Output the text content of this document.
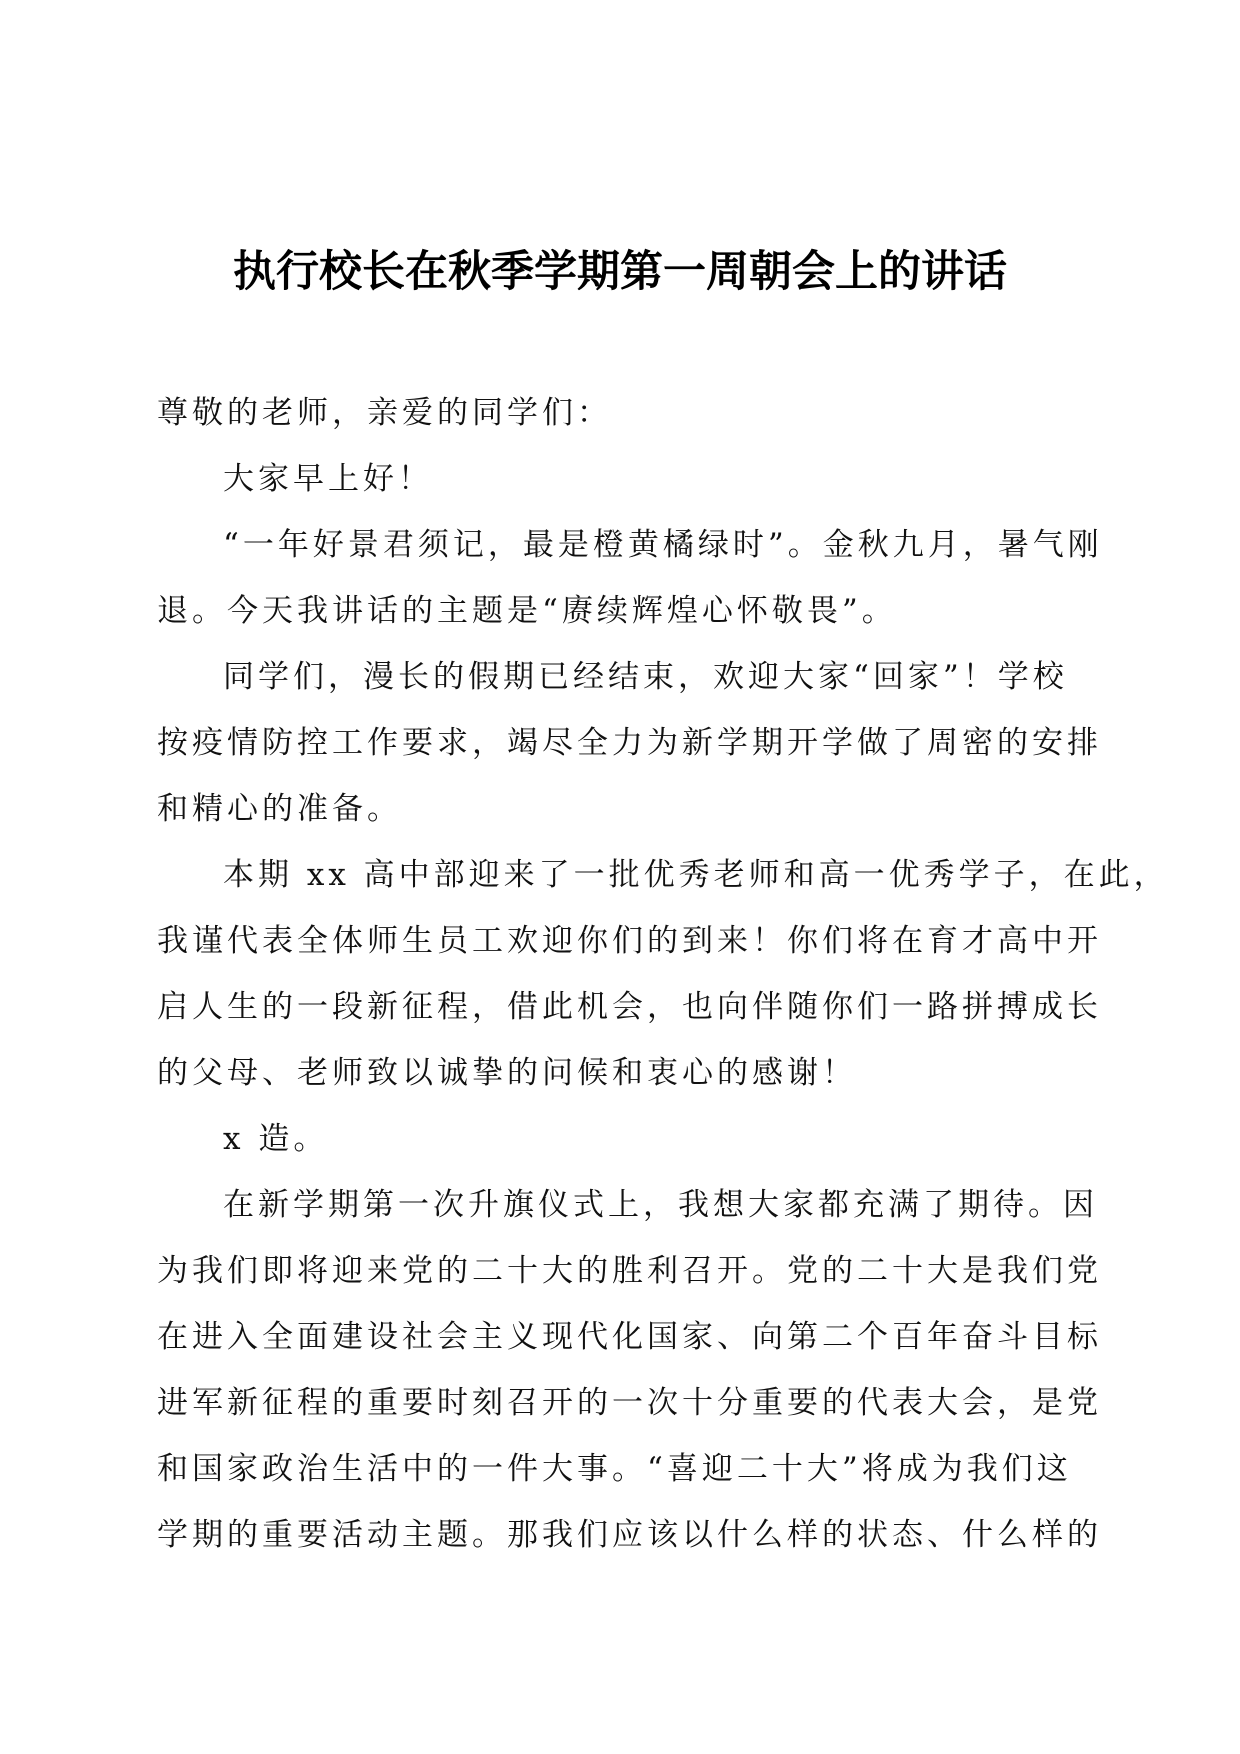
执行校长在秋季学期第一周朝会上的讲话
尊敬的老师，亲爱的同学们：
大家早上好！
“一年好景君须记，最是橙黄橘绿时”。金秋九月，暑气刚
退。今天我讲话的主题是“赓续辉煌心怀敬畏”。
同学们，漫长的假期已经结束，欢迎大家“回家”！学校
按疫情防控工作要求，竭尽全力为新学期开学做了周密的安排
和精心的准备。
本期 xx 高中部迎来了一批优秀老师和高一优秀学子，在此，
我谨代表全体师生员工欢迎你们的到来！你们将在育才高中开
启人生的一段新征程，借此机会，也向伴随你们一路拼搏成长
的父母、老师致以诚挚的问候和衷心的感谢！
x 造。
在新学期第一次升旗仪式上，我想大家都充满了期待。因
为我们即将迎来党的二十大的胜利召开。党的二十大是我们党
在进入全面建设社会主义现代化国家、向第二个百年奋斗目标
进军新征程的重要时刻召开的一次十分重要的代表大会，是党
和国家政治生活中的一件大事。“喜迎二十大”将成为我们这
学期的重要活动主题。那我们应该以什么样的状态、什么样的
